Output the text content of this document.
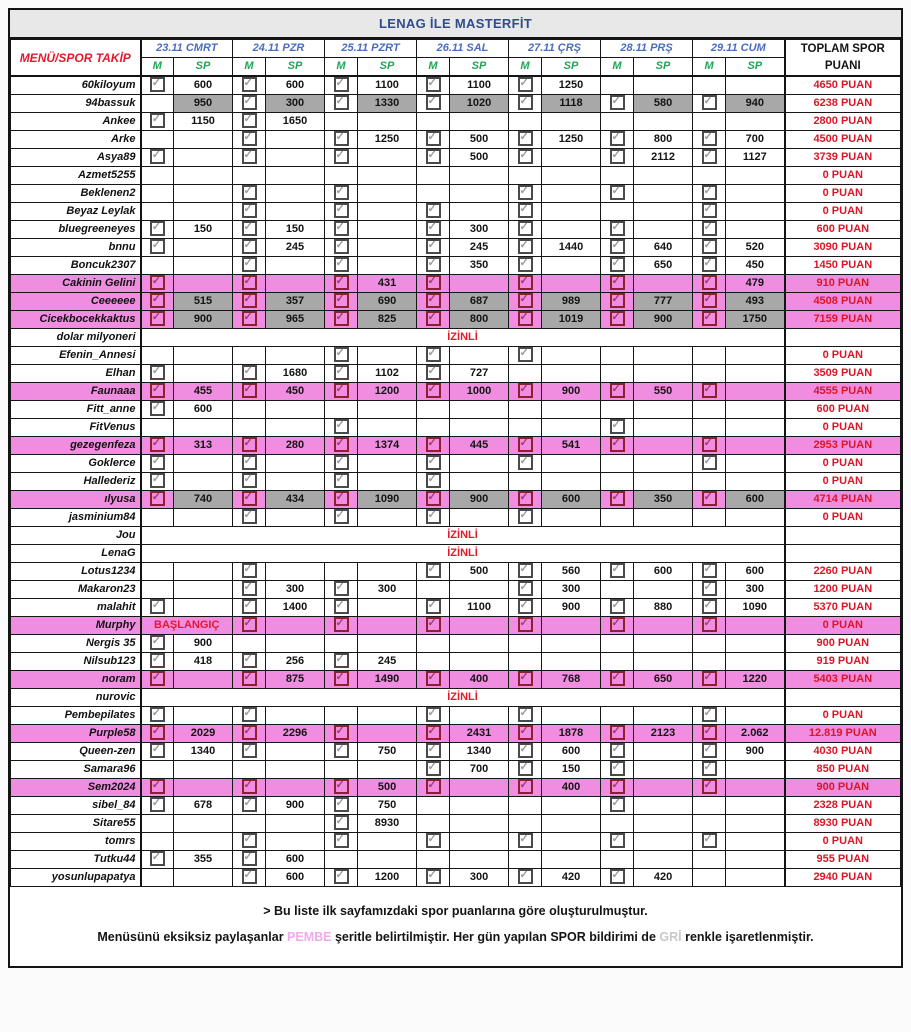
LENAG İLE MASTERFİT
MENÜ/SPOR TAKİP	23.11 CMRT		24.11 PZR		25.11 PZRT		26.11 SAL		27.11 ÇRŞ		28.11 PRŞ		29.11 CUM		TOPLAM SPOR
PUANI
	M	SP	M	SP	M	SP	M	SP	M	SP	M	SP	M	SP	
60kiloyum	✓	600	✓	600	✓	1100	✓	1100	✓	1250					4650 PUAN
94bassuk		950	✓	300	✓	1330	✓	1020	✓	1118	✓	580	✓	940	6238 PUAN
Ankee	✓	1150	✓	1650											2800 PUAN
Arke			✓		✓	1250	✓	500	✓	1250	✓	800	✓	700	4500 PUAN
Asya89	✓		✓		✓		✓	500	✓		✓	2112	✓	1127	3739 PUAN
Azmet5255															0 PUAN
Beklenen2			✓		✓				✓		✓		✓		0 PUAN
Beyaz Leylak			✓		✓		✓		✓				✓		0 PUAN
bluegreeneyes	✓	150	✓	150	✓		✓	300	✓		✓		✓		600 PUAN
bnnu	✓		✓	245	✓		✓	245	✓	1440	✓	640	✓	520	3090 PUAN
Boncuk2307			✓		✓		✓	350	✓		✓	650	✓	450	1450 PUAN
Cakinin Gelini	✓		✓		✓	431	✓		✓		✓		✓	479	910 PUAN
Ceeeeee	✓	515	✓	357	✓	690	✓	687	✓	989	✓	777	✓	493	4508 PUAN
Cicekbocekkaktus	✓	900	✓	965	✓	825	✓	800	✓	1019	✓	900	✓	1750	7159 PUAN
dolar milyoneri	İZİNLİ														
Efenin_Annesi					✓		✓		✓						0 PUAN
Elhan	✓		✓	1680	✓	1102	✓	727							3509 PUAN
Faunaaa	✓	455	✓	450	✓	1200	✓	1000	✓	900	✓	550	✓		4555 PUAN
Fitt_anne	✓	600													600 PUAN
FitVenus					✓						✓				0 PUAN
gezegenfeza	✓	313	✓	280	✓	1374	✓	445	✓	541	✓		✓		2953 PUAN
Goklerce	✓		✓		✓		✓		✓				✓		0 PUAN
Hallederiz	✓		✓		✓		✓								0 PUAN
ılyusa	✓	740	✓	434	✓	1090	✓	900	✓	600	✓	350	✓	600	4714 PUAN
jasminium84			✓		✓		✓		✓						0 PUAN
Jou	İZİNLİ														
LenaG	İZİNLİ														
Lotus1234			✓				✓	500	✓	560	✓	600	✓	600	2260 PUAN
Makaron23			✓	300	✓	300			✓	300			✓	300	1200 PUAN
malahit	✓		✓	1400	✓		✓	1100	✓	900	✓	880	✓	1090	5370 PUAN
Murphy	BAŞLANGIÇ	✓		✓		✓		✓		✓		✓			0 PUAN
Nergis 35	✓	900													900 PUAN
Nilsub123	✓	418	✓	256	✓	245									919 PUAN
noram	✓		✓	875	✓	1490	✓	400	✓	768	✓	650	✓	1220	5403 PUAN
nurovic	İZİNLİ														
Pembepilates	✓		✓				✓		✓				✓		0 PUAN
Purple58	✓	2029	✓	2296	✓		✓	2431	✓	1878	✓	2123	✓	2.062	12.819 PUAN
Queen-zen	✓	1340	✓		✓	750	✓	1340	✓	600	✓		✓	900	4030 PUAN
Samara96							✓	700	✓	150	✓		✓		850 PUAN
Sem2024	✓		✓		✓	500	✓		✓	400	✓		✓		900 PUAN
sibel_84	✓	678	✓	900	✓	750					✓				2328 PUAN
Sitare55					✓	8930									8930 PUAN
tomrs			✓		✓		✓		✓		✓		✓		0 PUAN
Tutku44	✓	355	✓	600											955 PUAN
yosunlupapatya			✓	600	✓	1200	✓	300	✓	420	✓	420			2940 PUAN
> Bu liste ilk sayfamızdaki spor puanlarına göre oluşturulmuştur.
Menüsünü eksiksiz paylaşanlar PEMBE şeritle belirtilmiştir. Her gün yapılan SPOR bildirimi de GRİ renkle işaretlenmiştir.
